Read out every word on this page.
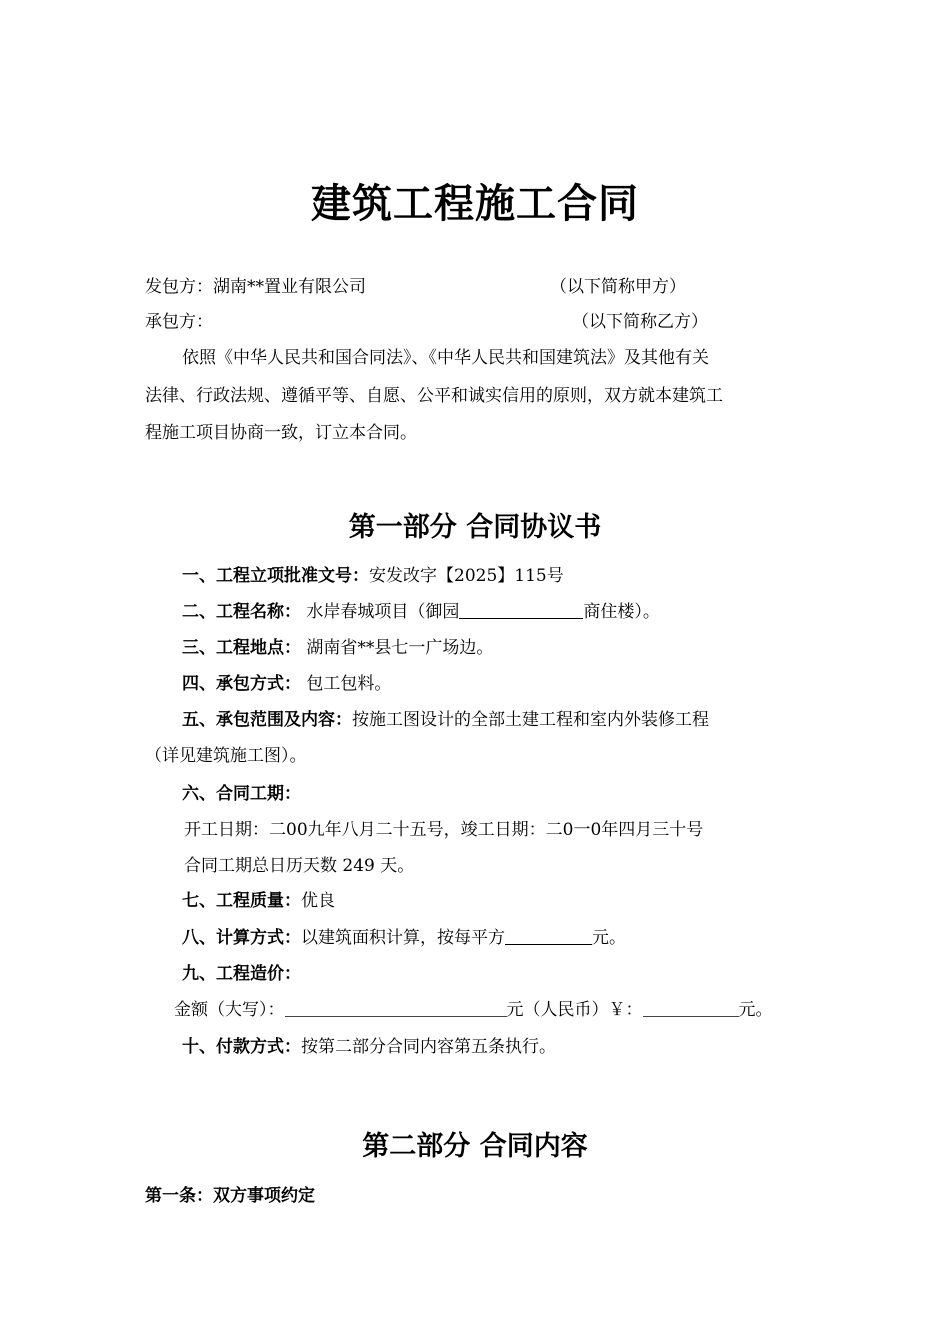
建筑工程施工合同
发包方：湖南**置业有限公司	（以下简称甲方）
承包方：	（以下简称乙方）
依照《中华人民共和国合同法》、《中华人民共和国建筑法》及其他有关
法律、行政法规、遵循平等、自愿、公平和诚实信用的原则，双方就本建筑工
程施工项目协商一致，订立本合同。
第一部分 合同协议书
一、工程立项批准文号：安发改字【2025】115号
二、工程名称： 水岸春城项目（御园	商住楼）。
三、工程地点： 湖南省**县七一广场边。
四、承包方式： 包工包料。
五、承包范围及内容：按施工图设计的全部土建工程和室内外装修工程
（详见建筑施工图）。
六、合同工期：
开工日期：二00九年八月二十五号，竣工日期：二0一0年四月三十号
合同工期总日历天数 249 天。
七、工程质量：优良
八、计算方式：以建筑面积计算，按每平方	元。
九、工程造价：
金额（大写）：	元（人民币）￥：	元。
十、付款方式：按第二部分合同内容第五条执行。
第二部分 合同内容
第一条：双方事项约定
